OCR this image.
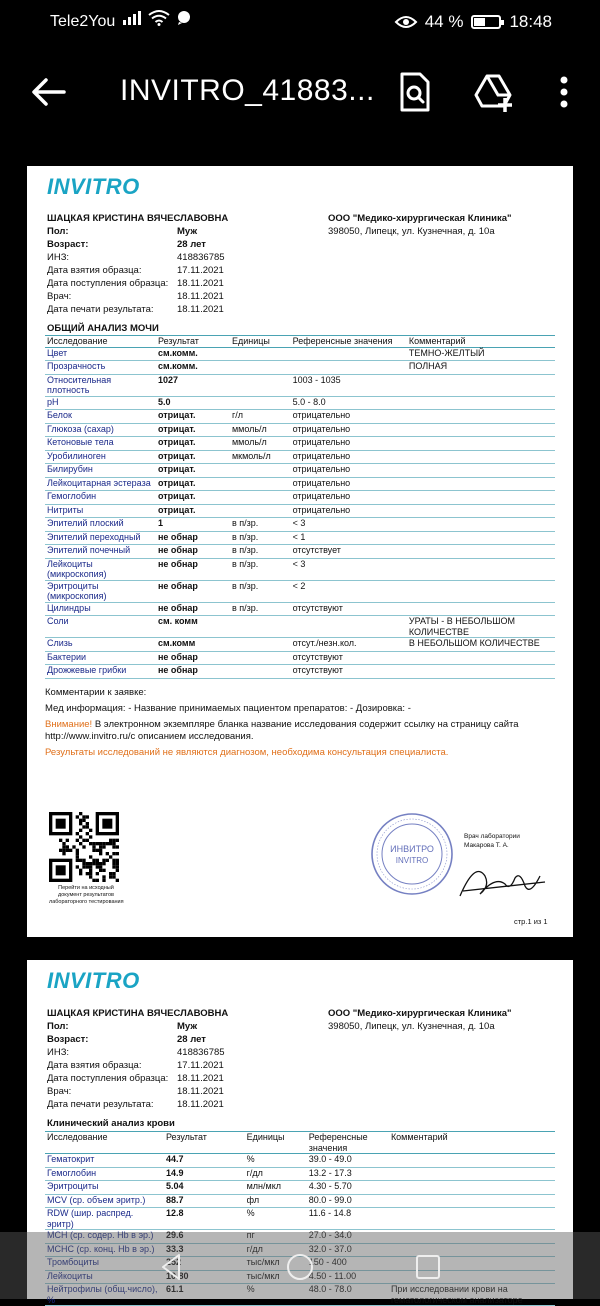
Tele2You	44 %	18:48
INVITRO_41883...
INVITRO
ШАЦКАЯ КРИСТИНА ВЯЧЕСЛАВОВНА	ООО "Медико-хирургическая Клиника"
398050, Липецк, ул. Кузнечная, д. 10а
Пол:	Муж
Возраст:	28 лет
ИНЗ:	418836785
Дата взятия образца:	17.11.2021
Дата поступления образца: 18.11.2021
Врач:	18.11.2021
Дата печати результата: 18.11.2021
ОБЩИЙ АНАЛИЗ МОЧИ
Исследование	Результат	Единицы	Референсные значения	Комментарий
Цвет	см.комм.			ТЕМНО-ЖЕЛТЫЙ
Прозрачность	см.комм.			ПОЛНАЯ
Относительная плотность	1027		1003 - 1035	
pH	5.0		5.0 - 8.0	
Белок	отрицат.	г/л	отрицательно	
Глюкоза (сахар)	отрицат.	ммоль/л	отрицательно	
Кетоновые тела	отрицат.	ммоль/л	отрицательно	
Уробилиноген	отрицат.	мкмоль/л	отрицательно	
Билирубин	отрицат.		отрицательно	
Лейкоцитарная эстераза	отрицат.		отрицательно	
Гемоглобин	отрицат.		отрицательно	
Нитриты	отрицат.		отрицательно	
Эпителий плоский	1	в п/зр.	< 3	
Эпителий переходный	не обнар	в п/зр.	< 1	
Эпителий почечный	не обнар	в п/зр.	отсутствует	
Лейкоциты (микроскопия)	не обнар	в п/зр.	< 3	
Эритроциты (микроскопия)	не обнар	в п/зр.	< 2	
Цилиндры	не обнар	в п/зр.	отсутствуют	
Соли	см. комм			УРАТЫ - В НЕБОЛЬШОМ КОЛИЧЕСТВЕ
Слизь	см.комм		отсут./незн.кол.	В НЕБОЛЬШОМ КОЛИЧЕСТВЕ
Бактерии	не обнар		отсутствуют	
Дрожжевые грибки	не обнар		отсутствуют	
Комментарии к заявке:
Мед информация: - Название принимаемых пациентом препаратов: - Дозировка: -
Внимание! В электронном экземпляре бланка название исследования содержит ссылку на страницу сайта
http://www.invitro.ru/с описанием исследования.
Результаты исследований не являются диагнозом, необходима консультация специалиста.
Перейти на исходный
документ результатов
лабораторного тестирования
ИНВИТРО
INVITRO
Врач лаборатории
Макарова Т. А.
стр.1 из 1
INVITRO
ШАЦКАЯ КРИСТИНА ВЯЧЕСЛАВОВНА	ООО "Медико-хирургическая Клиника"
398050, Липецк, ул. Кузнечная, д. 10а
Пол:	Муж
Возраст:	28 лет
ИНЗ:	418836785
Дата взятия образца:	17.11.2021
Дата поступления образца: 18.11.2021
Врач:	18.11.2021
Дата печати результата: 18.11.2021
Клинический анализ крови
Исследование	Результат	Единицы	Референсные значения	Комментарий
Гематокрит	44.7	%	39.0 - 49.0	
Гемоглобин	14.9	г/дл	13.2 - 17.3	
Эритроциты	5.04	млн/мкл	4.30 - 5.70	
MCV (ср. объем эритр.)	88.7	фл	80.0 - 99.0	
RDW (шир. распред. эритр)	12.8	%	11.6 - 14.8	
MCH (ср. содер. Hb в эр.)	29.6	пг	27.0 - 34.0	
MCHC (ср. конц. Hb в эр.)	33.3	г/дл	32.0 - 37.0	
Тромбоциты	252	тыс/мкл	150 - 400	
Лейкоциты	10.80	тыс/мкл	4.50 - 11.00	
Нейтрофилы (общ.число), %	61.1	%	48.0 - 78.0	При исследовании крови на гематологическом анализаторе
